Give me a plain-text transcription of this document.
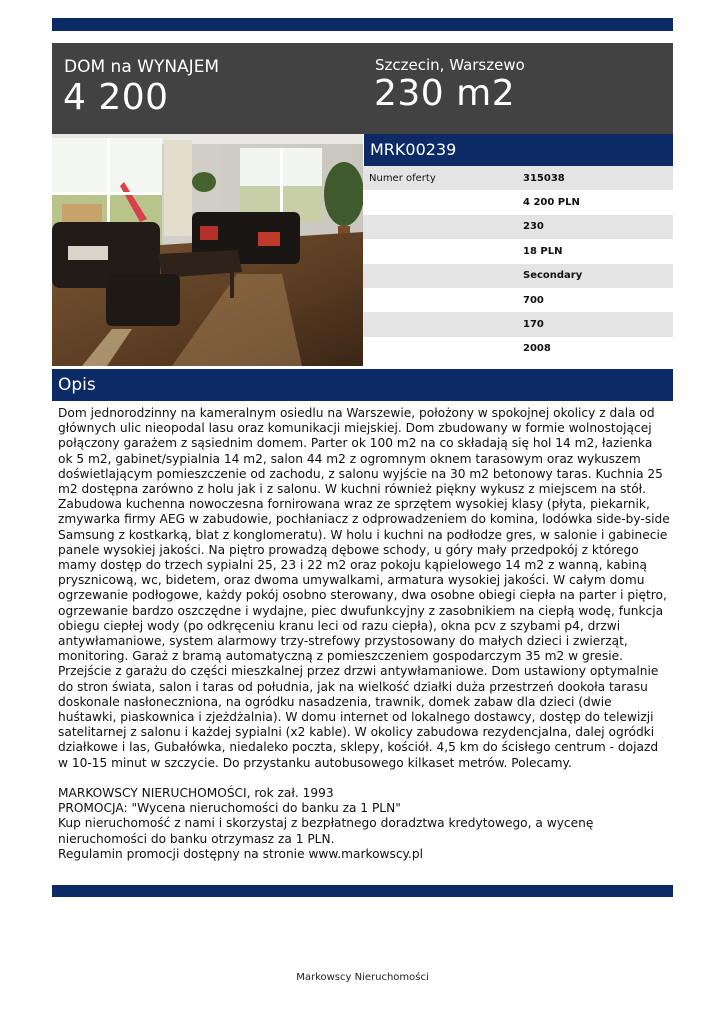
DOM na WYNAJEM
4 200
Szczecin, Warszewo
230 m2
MRK00239
Numer oferty	315038
	4 200 PLN
	230
	18 PLN
	Secondary
	700
	170
	2008
Opis
Dom jednorodzinny na kameralnym osiedlu na Warszewie, położony w spokojnej okolicy z dala od głównych ulic nieopodal lasu oraz komunikacji miejskiej. Dom zbudowany w formie wolnostojącej połączony garażem z sąsiednim domem. Parter ok 100 m2 na co składają się hol 14 m2, łazienka ok 5 m2, gabinet/sypialnia 14 m2, salon 44 m2 z ogromnym oknem tarasowym oraz wykuszem doświetlającym pomieszczenie od zachodu, z salonu wyjście na 30 m2 betonowy taras. Kuchnia 25 m2 dostępna zarówno z holu jak i z salonu. W kuchni również piękny wykusz z miejscem na stół. Zabudowa kuchenna nowoczesna fornirowana wraz ze sprzętem wysokiej klasy (płyta, piekarnik, zmywarka firmy AEG w zabudowie, pochłaniacz z odprowadzeniem do komina, lodówka side-by-side Samsung z kostkarką, blat z konglomeratu). W holu i kuchni na podłodze gres, w salonie i gabinecie panele wysokiej jakości. Na piętro prowadzą dębowe schody, u góry mały przedpokój z którego mamy dostęp do trzech sypialni 25, 23 i 22 m2 oraz pokoju kąpielowego 14 m2 z wanną, kabiną prysznicową, wc, bidetem, oraz dwoma umywalkami, armatura wysokiej jakości. W całym domu ogrzewanie podłogowe, każdy pokój osobno sterowany, dwa osobne obiegi ciepła na parter i piętro, ogrzewanie bardzo oszczędne i wydajne, piec dwufunkcyjny z zasobnikiem na ciepłą wodę, funkcja obiegu ciepłej wody (po odkręceniu kranu leci od razu ciepła), okna pcv z szybami p4, drzwi antywłamaniowe, system alarmowy trzy-strefowy przystosowany do małych dzieci i zwierząt, monitoring. Garaż z bramą automatyczną z pomieszczeniem gospodarczym 35 m2 w gresie. Przejście z garażu do części mieszkalnej przez drzwi antywłamaniowe. Dom ustawiony optymalnie do stron świata, salon i taras od południa, jak na wielkość działki duża przestrzeń dookoła tarasu doskonale nasłoneczniona, na ogródku nasadzenia, trawnik, domek zabaw dla dzieci (dwie huśtawki, piaskownica i zjeżdżalnia). W domu internet od lokalnego dostawcy, dostęp do telewizji satelitarnej z salonu i każdej sypialni (x2 kable). W okolicy zabudowa rezydencjalna, dalej ogródki działkowe i las, Gubałówka, niedaleko poczta, sklepy, kościół. 4,5 km do ścisłego centrum - dojazd w 10-15 minut w szczycie. Do przystanku autobusowego kilkaset metrów. Polecamy.

MARKOWSCY NIERUCHOMOŚCI, rok zał. 1993
PROMOCJA: "Wycena nieruchomości do banku za 1 PLN"
Kup nieruchomość z nami i skorzystaj z bezpłatnego doradztwa kredytowego, a wycenę nieruchomości do banku otrzymasz za 1 PLN.
Regulamin promocji dostępny na stronie www.markowscy.pl
Markowscy Nieruchomości
